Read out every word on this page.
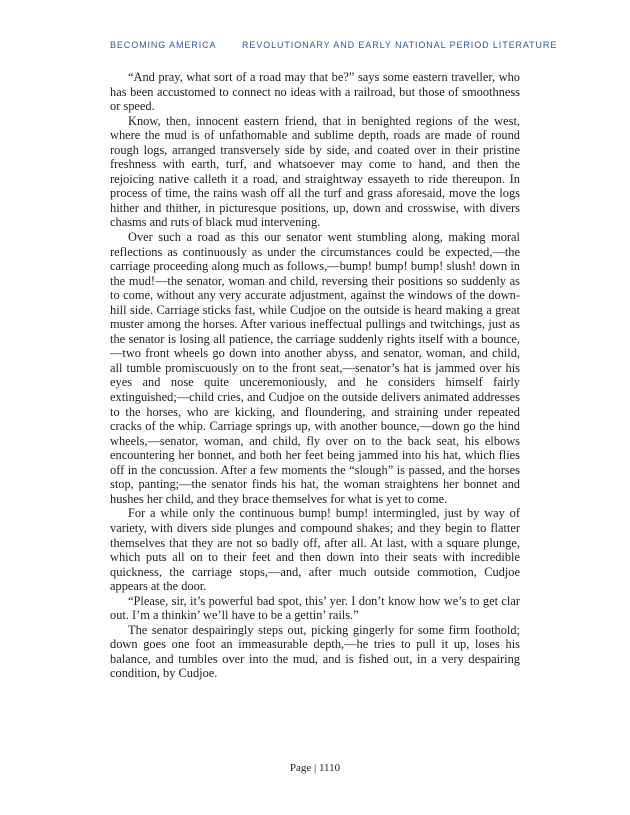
BECOMING AMERICA	REVOLUTIONARY AND EARLY NATIONAL PERIOD LITERATURE

“And pray, what sort of a road may that be?” says some eastern traveller, who has been accustomed to connect no ideas with a railroad, but those of smoothness or speed.

Know, then, innocent eastern friend, that in benighted regions of the west, where the mud is of unfathomable and sublime depth, roads are made of round rough logs, arranged transversely side by side, and coated over in their pristine freshness with earth, turf, and whatsoever may come to hand, and then the rejoicing native calleth it a road, and straightway essayeth to ride thereupon. In process of time, the rains wash off all the turf and grass aforesaid, move the logs hither and thither, in picturesque positions, up, down and crosswise, with divers chasms and ruts of black mud intervening.

Over such a road as this our senator went stumbling along, making moral reflections as continuously as under the circumstances could be expected,—the carriage proceeding along much as follows,—bump! bump! bump! slush! down in the mud!—the senator, woman and child, reversing their positions so suddenly as to come, without any very accurate adjustment, against the windows of the down-hill side. Carriage sticks fast, while Cudjoe on the outside is heard making a great muster among the horses. After various ineffectual pullings and twitchings, just as the senator is losing all patience, the carriage suddenly rights itself with a bounce,—two front wheels go down into another abyss, and senator, woman, and child, all tumble promiscuously on to the front seat,—senator’s hat is jammed over his eyes and nose quite unceremoniously, and he considers himself fairly extinguished;—child cries, and Cudjoe on the outside delivers animated addresses to the horses, who are kicking, and floundering, and straining under repeated cracks of the whip. Carriage springs up, with another bounce,—down go the hind wheels,—senator, woman, and child, fly over on to the back seat, his elbows encountering her bonnet, and both her feet being jammed into his hat, which flies off in the concussion. After a few moments the “slough” is passed, and the horses stop, panting;—the senator finds his hat, the woman straightens her bonnet and hushes her child, and they brace themselves for what is yet to come.

For a while only the continuous bump! bump! intermingled, just by way of variety, with divers side plunges and compound shakes; and they begin to flatter themselves that they are not so badly off, after all. At last, with a square plunge, which puts all on to their feet and then down into their seats with incredible quickness, the carriage stops,—and, after much outside commotion, Cudjoe appears at the door.

“Please, sir, it’s powerful bad spot, this’ yer. I don’t know how we’s to get clar out. I’m a thinkin’ we’ll have to be a gettin’ rails.”

The senator despairingly steps out, picking gingerly for some firm foothold; down goes one foot an immeasurable depth,—he tries to pull it up, loses his balance, and tumbles over into the mud, and is fished out, in a very despairing condition, by Cudjoe.

Page | 1110
